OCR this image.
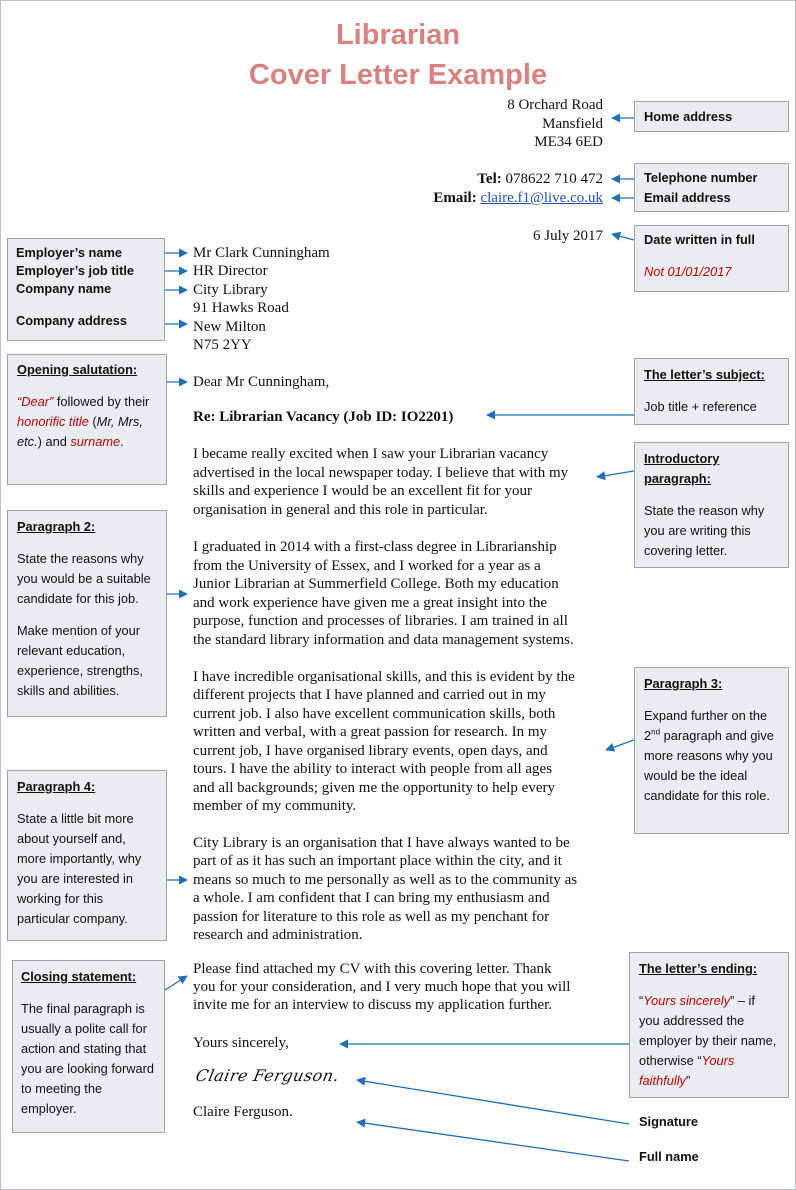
Librarian
Cover Letter Example
8 Orchard Road
Mansfield
ME34 6ED
Tel: 078622 710 472
Email: claire.f1@live.co.uk
6 July 2017
Mr Clark Cunningham
HR Director
City Library
91 Hawks Road
New Milton
N75 2YY
Dear Mr Cunningham,
Re: Librarian Vacancy (Job ID: IO2201)
I became really excited when I saw your Librarian vacancy
advertised in the local newspaper today. I believe that with my
skills and experience I would be an excellent fit for your
organisation in general and this role in particular.
I graduated in 2014 with a first-class degree in Librarianship
from the University of Essex, and I worked for a year as a
Junior Librarian at Summerfield College. Both my education
and work experience have given me a great insight into the
purpose, function and processes of libraries. I am trained in all
the standard library information and data management systems.
I have incredible organisational skills, and this is evident by the
different projects that I have planned and carried out in my
current job. I also have excellent communication skills, both
written and verbal, with a great passion for research. In my
current job, I have organised library events, open days, and
tours. I have the ability to interact with people from all ages
and all backgrounds; given me the opportunity to help every
member of my community.
City Library is an organisation that I have always wanted to be
part of as it has such an important place within the city, and it
means so much to me personally as well as to the community as
a whole. I am confident that I can bring my enthusiasm and
passion for literature to this role as well as my penchant for
research and administration.
Please find attached my CV with this covering letter. Thank
you for your consideration, and I very much hope that you will
invite me for an interview to discuss my application further.
Yours sincerely,
Claire Ferguson.
Claire Ferguson.
Home address
Telephone number
Email address
Date written in full

Not 01/01/2017

The letter’s subject:

Job title + reference

Introductory paragraph:

State the reason why you are writing this covering letter.

Paragraph 3:

Expand further on the 2nd paragraph and give more reasons why you would be the ideal candidate for this role.

The letter’s ending:

“Yours sincerely” – if you addressed the employer by their name, otherwise “Yours faithfully”

Signature
Full name
Employer’s name
Employer’s job title
Company name
Company address
Opening salutation:

“Dear” followed by their honorific title (Mr, Mrs, etc.) and surname.

Paragraph 2:

State the reasons why you would be a suitable candidate for this job.

Make mention of your relevant education, experience, strengths, skills and abilities.

Paragraph 4:

State a little bit more about yourself and, more importantly, why you are interested in working for this particular company.

Closing statement:

The final paragraph is usually a polite call for action and stating that you are looking forward to meeting the employer.
